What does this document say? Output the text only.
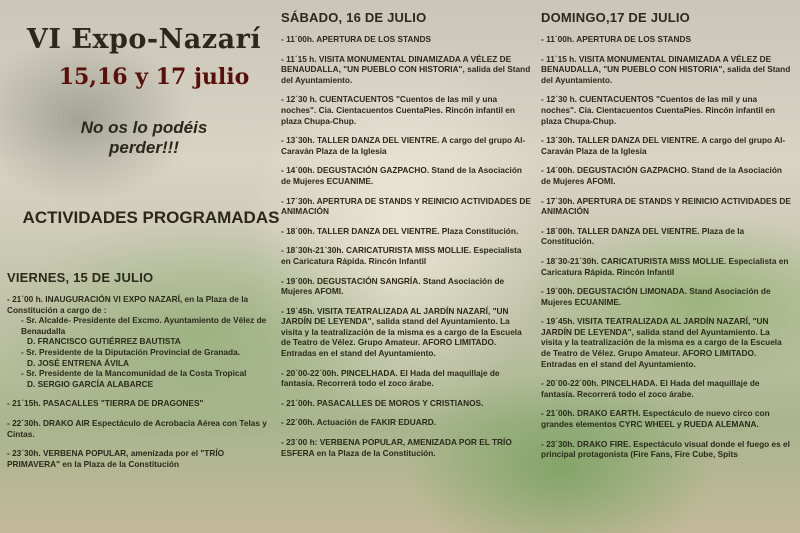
VI Expo-Nazarí
15,16 y 17 julio
No os lo podéis perder!!!
ACTIVIDADES PROGRAMADAS
VIERNES, 15 DE JULIO

- 21´00 h. INAUGURACIÓN VI EXPO NAZARÍ, en la Plaza de la Constitución a cargo de :

- Sr. Alcalde- Presidente del Excmo. Ayuntamiento de Vélez de Benaudalla

D. FRANCISCO GUTIÉRREZ BAUTISTA

- Sr. Presidente de la Diputación Provincial de Granada.

D. JOSÉ ENTRENA ÁVILA

- Sr. Presidente de la Mancomunidad de la Costa Tropical

D. SERGIO GARCÍA ALABARCE

- 21´15h. PASACALLES "TIERRA DE DRAGONES"

- 22´30h. DRAKO AIR Espectáculo de Acrobacia Aérea con Telas y Cintas.

- 23´30h. VERBENA POPULAR, amenizada por el "TRÍO PRIMAVERA" en la Plaza de la Constitución

SÁBADO, 16 DE JULIO

- 11´00h. APERTURA DE LOS STANDS

- 11´15 h. VISITA MONUMENTAL DINAMIZADA A VÉLEZ DE BENAUDALLA, "UN PUEBLO CON HISTORIA", salida del Stand del Ayuntamiento.

- 12´30 h. CUENTACUENTOS "Cuentos de las mil y una noches". Cia. Cientacuentos CuentaPies. Rincón infantil en plaza Chupa-Chup.

- 13´30h. TALLER DANZA DEL VIENTRE. A cargo del grupo Al-Caraván Plaza de la Iglesia

- 14´00h. DEGUSTACIÓN GAZPACHO. Stand de la Asociación de Mujeres ECUANIME.

- 17´30h. APERTURA DE STANDS Y REINICIO ACTIVIDADES DE ANIMACIÓN

- 18´00h. TALLER DANZA DEL VIENTRE. Plaza Constitución.

- 18´30h-21´30h. CARICATURISTA MISS MOLLIE. Especialista en Caricatura Rápida. Rincón Infantil

- 19´00h. DEGUSTACIÓN SANGRÍA. Stand Asociación de Mujeres AFOMI.

- 19´45h. VISITA TEATRALIZADA AL JARDÍN NAZARÍ, "UN JARDÍN DE LEYENDA", salida stand del Ayuntamiento. La visita y la teatralización de la misma es a cargo de la Escuela de Teatro de Vélez. Grupo Amateur. AFORO LIMITADO. Entradas en el stand del Ayuntamiento.

- 20´00-22´00h. PINCELHADA. El Hada del maquillaje de fantasía. Recorrerá todo el zoco árabe.

- 21´00h. PASACALLES DE MOROS Y CRISTIANOS.

- 22´00h. Actuación de FAKIR EDUARD.

- 23´00 h: VERBENA POPULAR, AMENIZADA POR EL TRÍO ESFERA en la Plaza de la Constitución.

DOMINGO,17 DE JULIO

- 11´00h. APERTURA DE LOS STANDS

- 11´15 h. VISITA MONUMENTAL DINAMIZADA A VÉLEZ DE BENAUDALLA, "UN PUEBLO CON HISTORIA", salida del Stand del Ayuntamiento.

- 12´30 h. CUENTACUENTOS "Cuentos de las mil y una noches". Cia. Cientacuentos CuentaPies. Rincón infantil en plaza Chupa-Chup.

- 13´30h. TALLER DANZA DEL VIENTRE. A cargo del grupo Al-Caraván Plaza de la Iglesia

- 14´00h. DEGUSTACIÓN GAZPACHO. Stand de la Asociación de Mujeres AFOMI.

- 17´30h. APERTURA DE STANDS Y REINICIO ACTIVIDADES DE ANIMACIÓN

- 18´00h. TALLER DANZA DEL VIENTRE. Plaza de la Constitución.

- 18´30-21´30h. CARICATURISTA MISS MOLLIE. Especialista en Caricatura Rápida. Rincón Infantil

- 19´00h. DEGUSTACIÓN LIMONADA. Stand Asociación de Mujeres ECUANIME.

- 19´45h. VISITA TEATRALIZADA AL JARDÍN NAZARÍ, "UN JARDÍN DE LEYENDA", salida stand del Ayuntamiento. La visita y la teatralización de la misma es a cargo de la Escuela de Teatro de Vélez. Grupo Amateur. AFORO LIMITADO. Entradas en el stand del Ayuntamiento.

- 20´00-22´00h. PINCELHADA. El Hada del maquillaje de fantasía. Recorrerá todo el zoco árabe.

- 21´00h. DRAKO EARTH. Espectáculo de nuevo circo con grandes elementos CYRC WHEEL y RUEDA ALEMANA.

- 23´30h. DRAKO FIRE. Espectáculo visual donde el fuego es el principal protagonista (Fire Fans, Fire Cube, Spits
